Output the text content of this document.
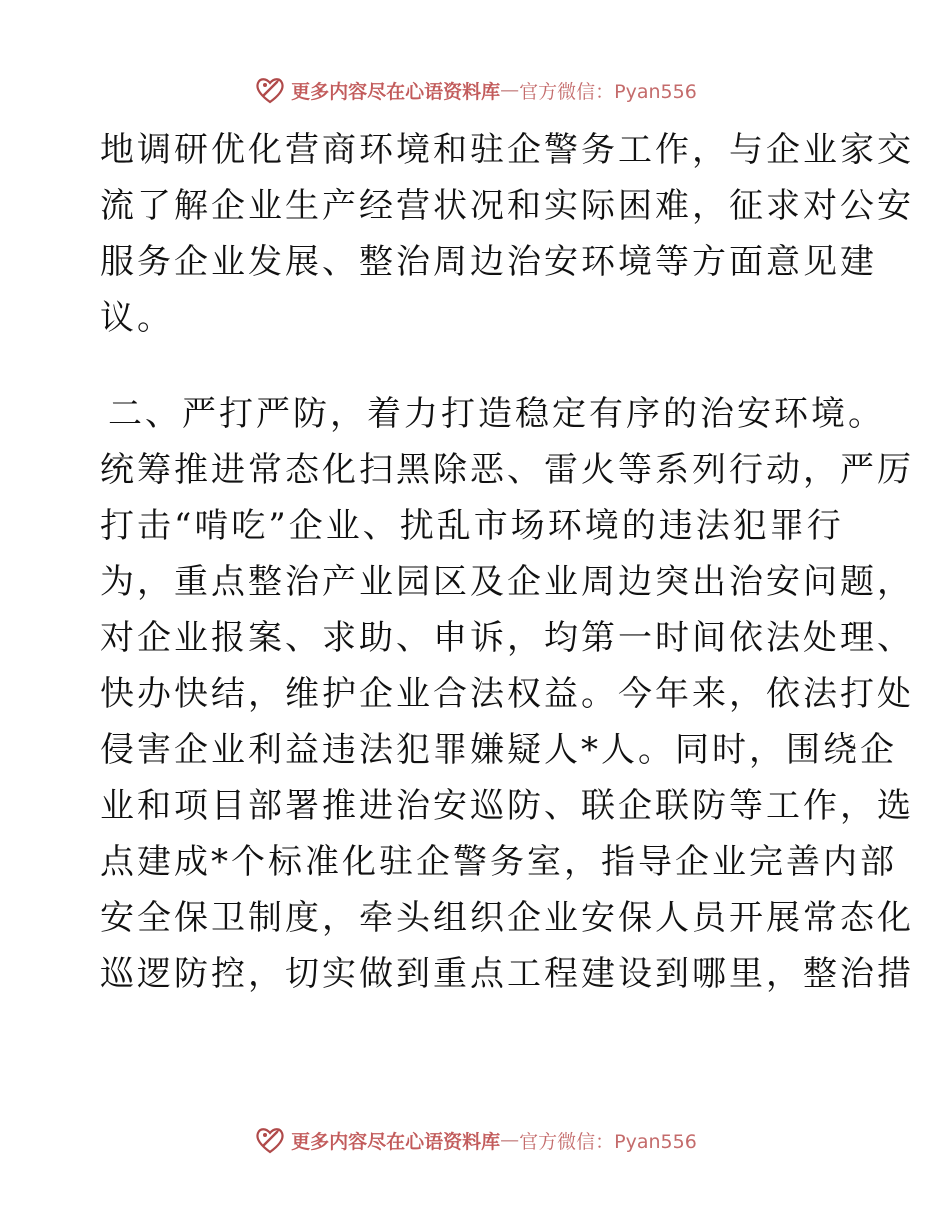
更多内容尽在心语资料库 — 官方微信：Pyan556
地调研优化营商环境和驻企警务工作，与企业家交
流了解企业生产经营状况和实际困难，征求对公安
服务企业发展、整治周边治安环境等方面意见建
议。
二、严打严防，着力打造稳定有序的治安环境。
统筹推进常态化扫黑除恶、雷火等系列行动，严厉
打击“啃吃”企业、扰乱市场环境的违法犯罪行
为，重点整治产业园区及企业周边突出治安问题，
对企业报案、求助、申诉，均第一时间依法处理、
快办快结，维护企业合法权益。今年来，依法打处
侵害企业利益违法犯罪嫌疑人*人。同时，围绕企
业和项目部署推进治安巡防、联企联防等工作，选
点建成*个标准化驻企警务室，指导企业完善内部
安全保卫制度，牵头组织企业安保人员开展常态化
巡逻防控，切实做到重点工程建设到哪里，整治措
更多内容尽在心语资料库 — 官方微信：Pyan556
